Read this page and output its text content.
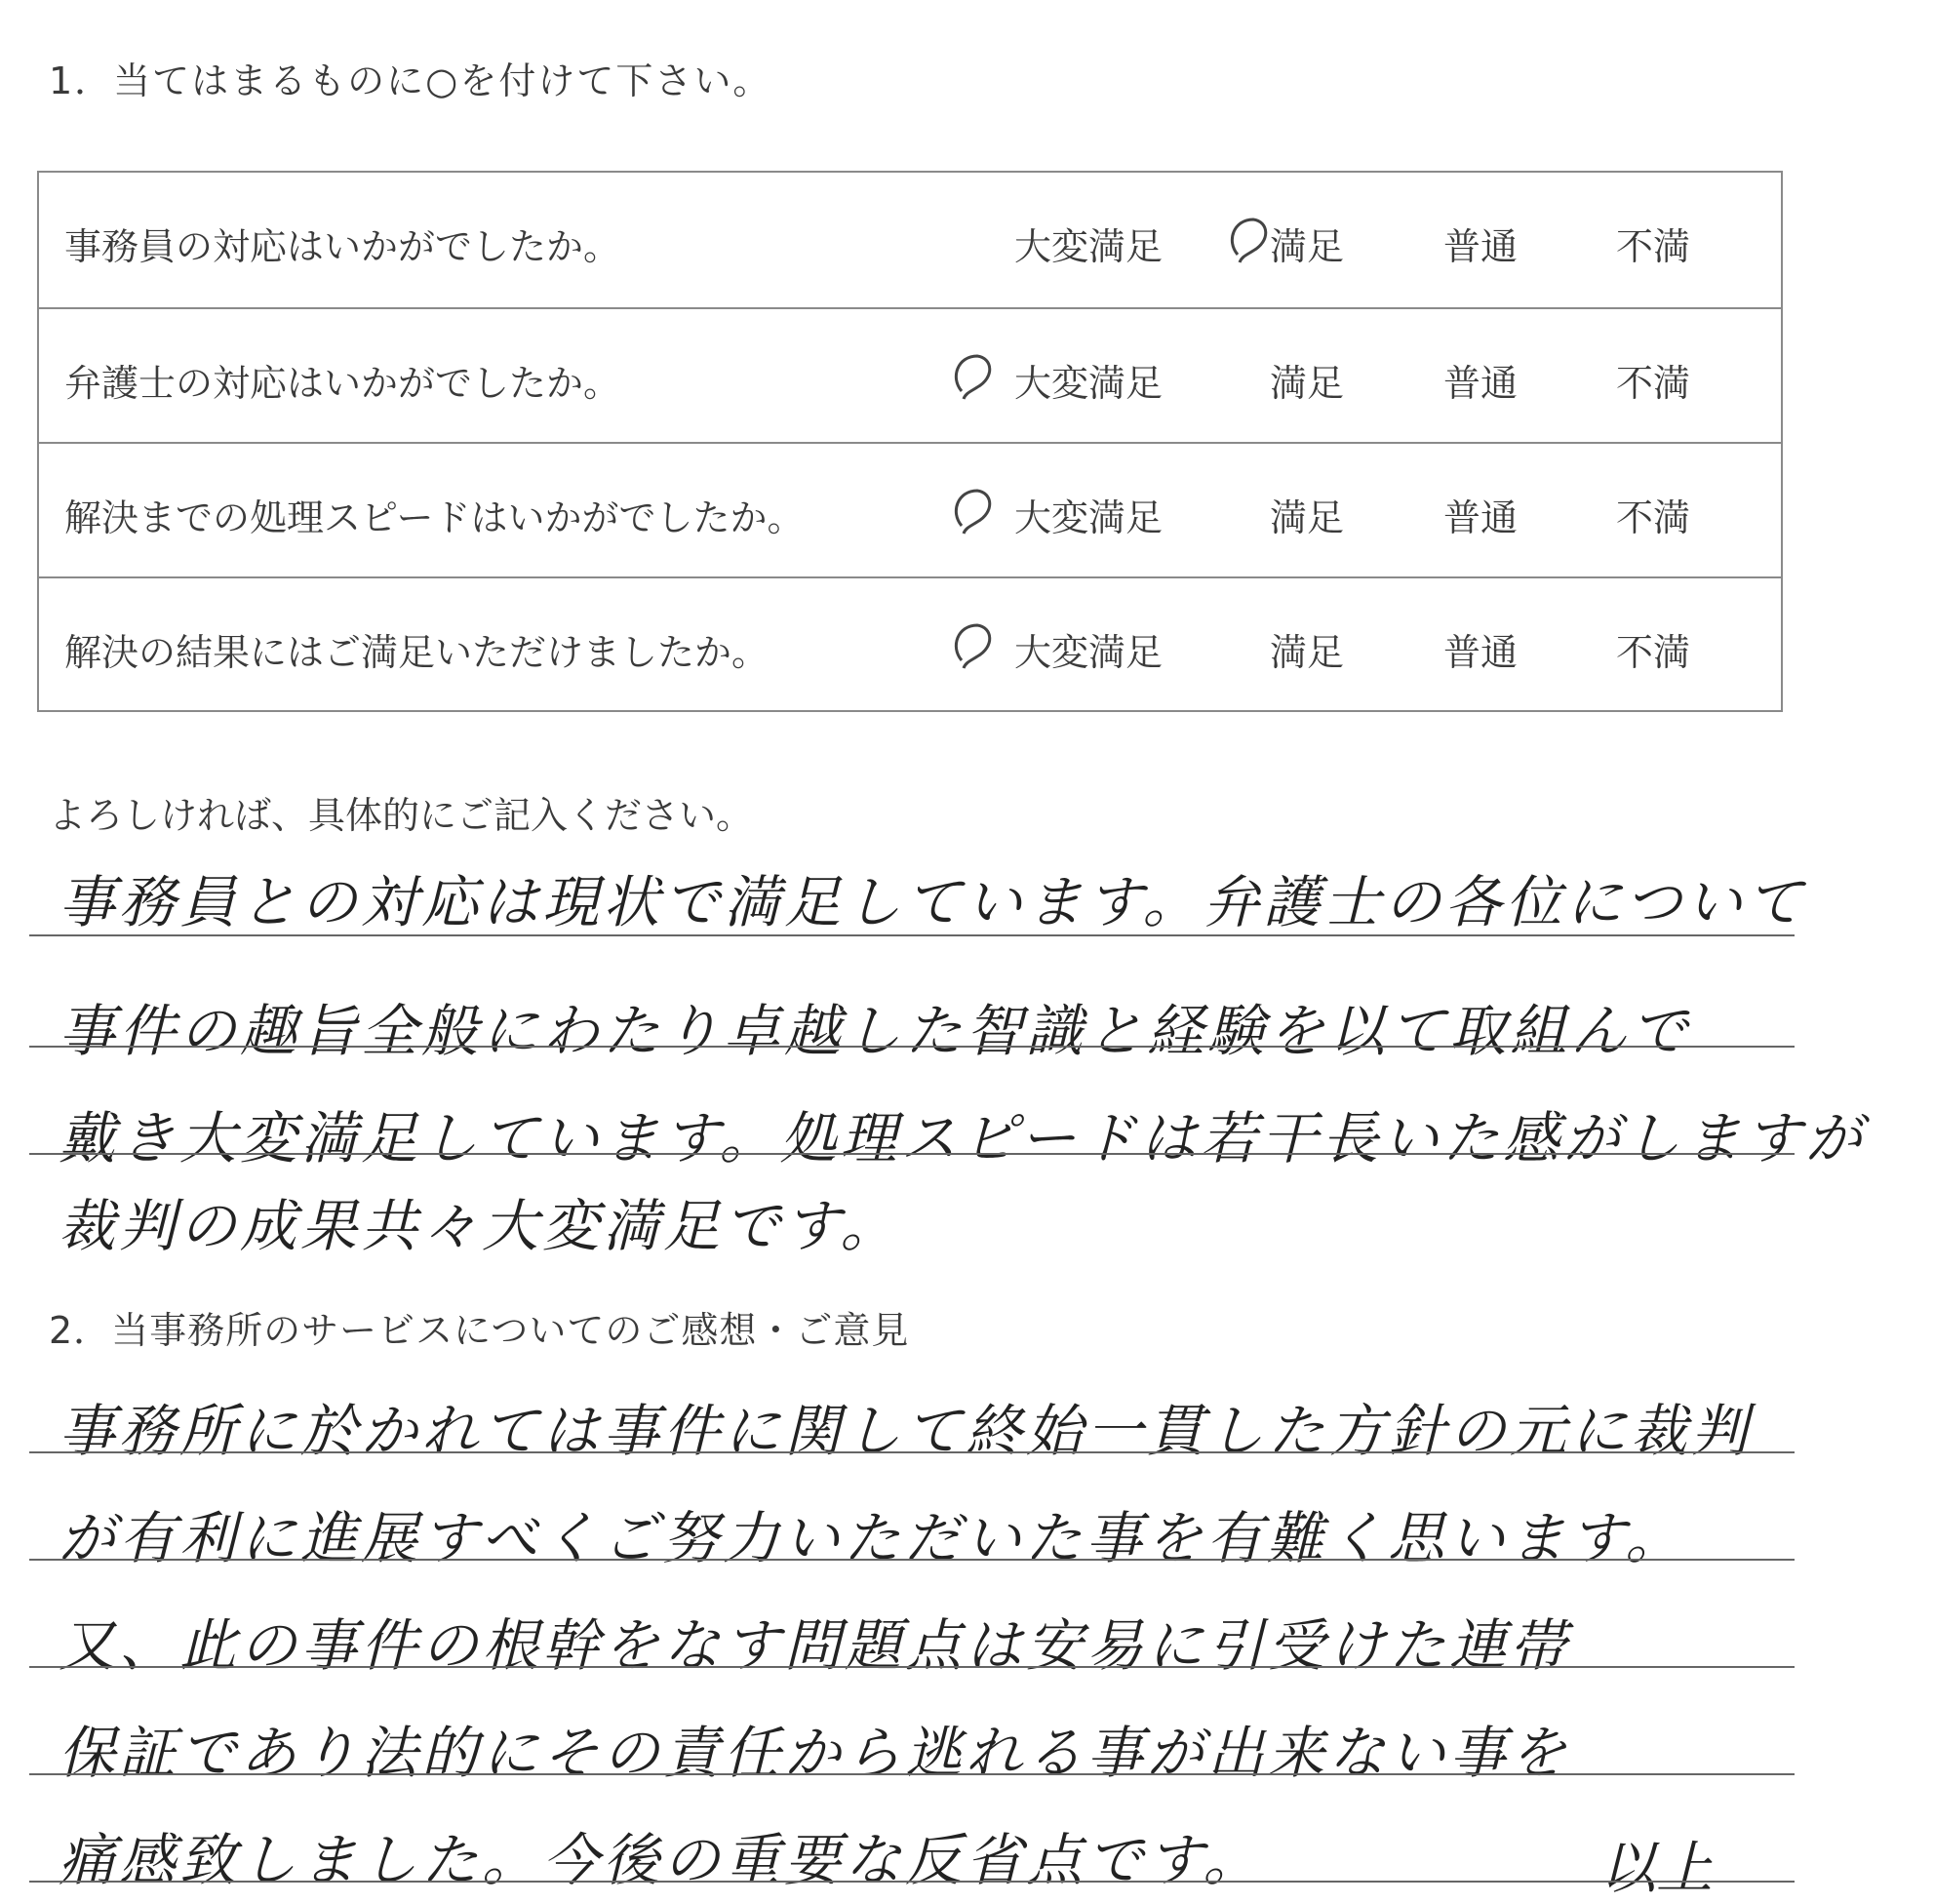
1．当てはまるものに○を付けて下さい。
事務員の対応はいかがでしたか。	大変満足	満足	普通	不満
弁護士の対応はいかがでしたか。	大変満足	満足	普通	不満
解決までの処理スピードはいかがでしたか。	大変満足	満足	普通	不満
解決の結果にはご満足いただけましたか。	大変満足	満足	普通	不満
よろしければ、具体的にご記入ください。
事務員との対応は現状で満足しています。弁護士の各位について
事件の趣旨全般にわたり卓越した智識と経験を以て取組んで
戴き大変満足しています。処理スピードは若干長いた感がしますが
裁判の成果共々大変満足です。
2．当事務所のサービスについてのご感想・ご意見
事務所に於かれては事件に関して終始一貫した方針の元に裁判
が有利に進展すべくご努力いただいた事を有難く思います。
又、此の事件の根幹をなす問題点は安易に引受けた連帯
保証であり法的にその責任から逃れる事が出来ない事を
痛感致しました。今後の重要な反省点です。	以上
